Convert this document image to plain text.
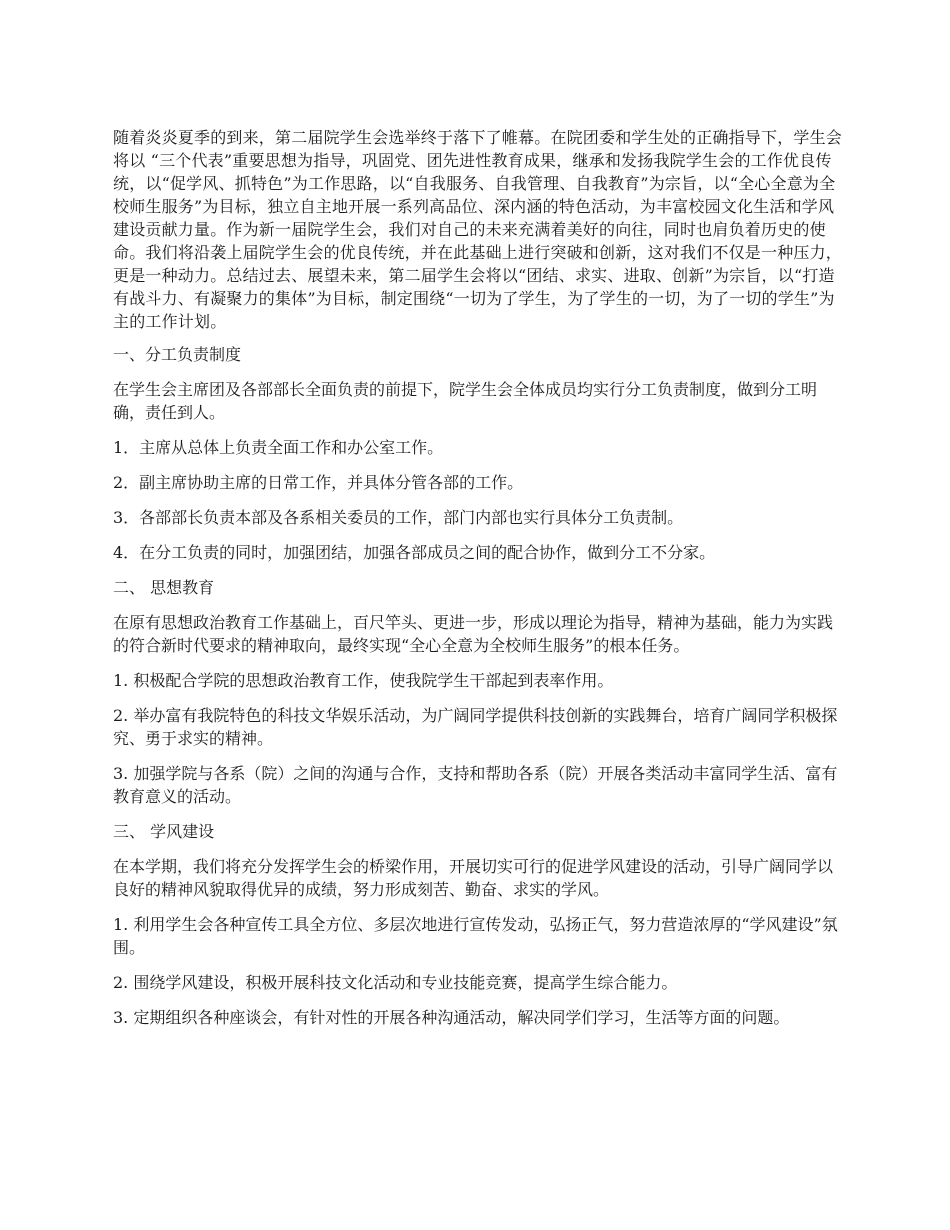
随着炎炎夏季的到来，第二届院学生会选举终于落下了帷幕。在院团委和学生处的正确指导下，学生会将以 “三个代表”重要思想为指导，巩固党、团先进性教育成果，继承和发扬我院学生会的工作优良传统，以“促学风、抓特色”为工作思路，以“自我服务、自我管理、自我教育”为宗旨，以“全心全意为全校师生服务”为目标，独立自主地开展一系列高品位、深内涵的特色活动，为丰富校园文化生活和学风建设贡献力量。作为新一届院学生会，我们对自己的未来充满着美好的向往，同时也肩负着历史的使命。我们将沿袭上届院学生会的优良传统，并在此基础上进行突破和创新，这对我们不仅是一种压力，更是一种动力。总结过去、展望未来，第二届学生会将以“团结、求实、进取、创新”为宗旨，以“打造有战斗力、有凝聚力的集体”为目标，制定围绕“一切为了学生，为了学生的一切，为了一切的学生”为主的工作计划。

一、分工负责制度

在学生会主席团及各部部长全面负责的前提下，院学生会全体成员均实行分工负责制度，做到分工明确，责任到人。

1．主席从总体上负责全面工作和办公室工作。

2．副主席协助主席的日常工作，并具体分管各部的工作。

3．各部部长负责本部及各系相关委员的工作，部门内部也实行具体分工负责制。

4．在分工负责的同时，加强团结，加强各部成员之间的配合协作，做到分工不分家。

二、 思想教育

在原有思想政治教育工作基础上，百尺竿头、更进一步，形成以理论为指导，精神为基础，能力为实践的符合新时代要求的精神取向，最终实现“全心全意为全校师生服务”的根本任务。

1. 积极配合学院的思想政治教育工作，使我院学生干部起到表率作用。

2. 举办富有我院特色的科技文华娱乐活动，为广阔同学提供科技创新的实践舞台，培育广阔同学积极探究、勇于求实的精神。

3. 加强学院与各系（院）之间的沟通与合作，支持和帮助各系（院）开展各类活动丰富同学生活、富有教育意义的活动。

三、 学风建设

在本学期，我们将充分发挥学生会的桥梁作用，开展切实可行的促进学风建设的活动，引导广阔同学以良好的精神风貌取得优异的成绩，努力形成刻苦、勤奋、求实的学风。

1. 利用学生会各种宣传工具全方位、多层次地进行宣传发动，弘扬正气，努力营造浓厚的“学风建设”氛围。

2. 围绕学风建设，积极开展科技文化活动和专业技能竞赛，提高学生综合能力。

3. 定期组织各种座谈会，有针对性的开展各种沟通活动，解决同学们学习，生活等方面的问题。
